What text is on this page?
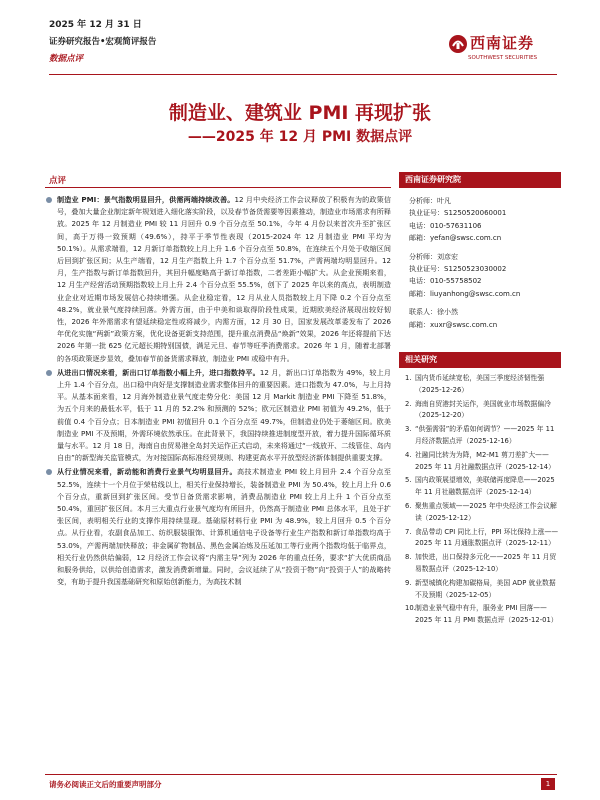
2025 年 12 月 31 日
证券研究报告•宏观简评报告
数据点评
西南证券
SOUTHWEST SECURITIES
制造业、建筑业 PMI 再现扩张
——2025 年 12 月 PMI 数据点评
点评
制造业 PMI：景气指数明显回升，供需两端持续改善。12 月中央经济工作会议释放了积极有为的政策信号，叠加大量企业制定新年规划进入细化落实阶段，以及春节备货需要等因素推动，制造业市场需求有所释放。2025 年 12 月制造业 PMI 较 11 月回升 0.9 个百分点至 50.1%，今年 4 月份以来首次升至扩张区间，高于万得一致预期（49.6%），持平于季节性表现（2015-2024 年 12 月制造业 PMI 平均为 50.1%）。从需求端看，12 月新订单指数较上月上升 1.6 个百分点至 50.8%，在连续五个月处于收缩区间后回到扩张区间；从生产端看，12 月生产指数上升 1.7 个百分点至 51.7%，产需两端均明显回升。12 月，生产指数与新订单指数回升，其回升幅度略高于新订单指数，二者差距小幅扩大。从企业预期来看，12 月生产经营活动预期指数较上月上升 2.4 个百分点至 55.5%，创下了 2025 年以来的高点，表明制造业企业对近期市场发展信心持续增强。从企业稳定看，12 月从业人员指数较上月下降 0.2 个百分点至 48.2%，就业景气度持续回落。外需方面，由于中美和谈取得阶段性成果，近期欧美经济展现出较好韧性，2026 年外需需求有望延续稳定性或将减少，内需方面，12 月 30 日，国家发展改革委发布了 2026 年优化实施“两新”政策方案，优化设备更新支持范围，提升重点消费品“焕新”效果，2026 年还将提前下达 2026 年第一批 625 亿元超长期特别国债，满足元旦、春节等旺季消费需求。2026 年 1 月，随着北部署的各项政策逐步显效，叠加春节前备货需求释放，制造业 PMI 或稳中有升。
从进出口情况来看，新出口订单指数小幅上升，进口指数持平。12 月，新出口订单指数为 49%，较上月上升 1.4 个百分点，出口稳中向好是支撑制造业需求整体回升的重要因素。进口指数为 47.0%，与上月持平。从基本面来看，12 月海外制造业景气度走势分化：美国 12 月 Markit 制造业 PMI 下降至 51.8%，为五个月来的最低水平，低于 11 月的 52.2% 和预测的 52%；欧元区制造业 PMI 初值为 49.2%，低于前值 0.4 个百分点；日本制造业 PMI 初值回升 0.1 个百分点至 49.7%，但制造业仍处于萎缩区间。欧美制造业 PMI 不及预期，外需环境依然承压。在此背景下，我国持续推进制度型开放，着力提升国际循环质量与水平。12 月 18 日，海南自由贸易港全岛封关运作正式启动，未来将通过“一线放开、二线管住、岛内自由”的新型海关监管模式，为对接国际高标准经贸规则、构建更高水平开放型经济新体制提供重要支撑。
从行业情况来看，新动能和消费行业景气均明显回升。高技术制造业 PMI 较上月回升 2.4 个百分点至 52.5%，连续十一个月位于荣枯线以上，相关行业保持增长，装备制造业 PMI 为 50.4%，较上月上升 0.6 个百分点，重新回到扩张区间。受节日备货需求影响，消费品制造业 PMI 较上月上升 1 个百分点至 50.4%，重回扩张区间。本月三大重点行业景气度均有所回升，仍然高于制造业 PMI 总体水平，且处于扩张区间，表明相关行业的支撑作用持续显现。基础原材料行业 PMI 为 48.9%，较上月回升 0.5 个百分点。从行业看，农副食品加工、纺织服装服饰、计算机通信电子设备等行业生产指数和新订单指数均高于 53.0%，产需两端加快释放；非金属矿物制品、黑色金属冶炼及压延加工等行业两个指数均低于临界点，相关行业仍然供给偏弱，12 月经济工作会议将“内需主导”列为 2026 年的重点任务，要求“扩大优质商品和服务供给，以供给创造需求，激发消费新增量。同时，会议延续了从“投资于物”向“投资于人”的战略转变，有助于提升我国基础研究和原始创新能力，为高技术制
西南证券研究院
分析师：叶凡
执业证号：S1250520060001
电话：010-57631106
邮箱：yefan@swsc.com.cn
分析师：刘彦宏
执业证号：S1250523030002
电话：010-55758502
邮箱：liuyanhong@swsc.com.cn
联系人：徐小然
邮箱：xuxr@swsc.com.cn
相关研究
1. 国内货币延续宽松，美国三季度经济韧性强（2025-12-26）
2. 海南自贸港封关运作，美国就业市场数据偏冷（2025-12-20）
3. “供强需弱”的矛盾如何调节？——2025 年 11 月经济数据点评（2025-12-16）
4. 社融同比转为为降，M2-M1 剪刀差扩大——2025 年 11 月社融数据点评（2025-12-14）
5. 国内政策展望增效，美联储再度降息——2025 年 11 月社融数据点评（2025-12-14）
6. 聚焦重点领域——2025 年中央经济工作会议解读（2025-12-12）
7. 食品带动 CPI 同比上行，PPI 环比保持上涨——2025 年 11 月通胀数据点评（2025-12-11）
8. 加快进，出口保持多元化——2025 年 11 月贸易数据点评（2025-12-10）
9. 新型城镇化构建加碳格局，美国 ADP 就业数据不及预期（2025-12-05）
10. 制造业景气稳中有升，服务业 PMI 回落——2025 年 11 月 PMI 数据点评（2025-12-01）
请务必阅读正文后的重要声明部分	1
